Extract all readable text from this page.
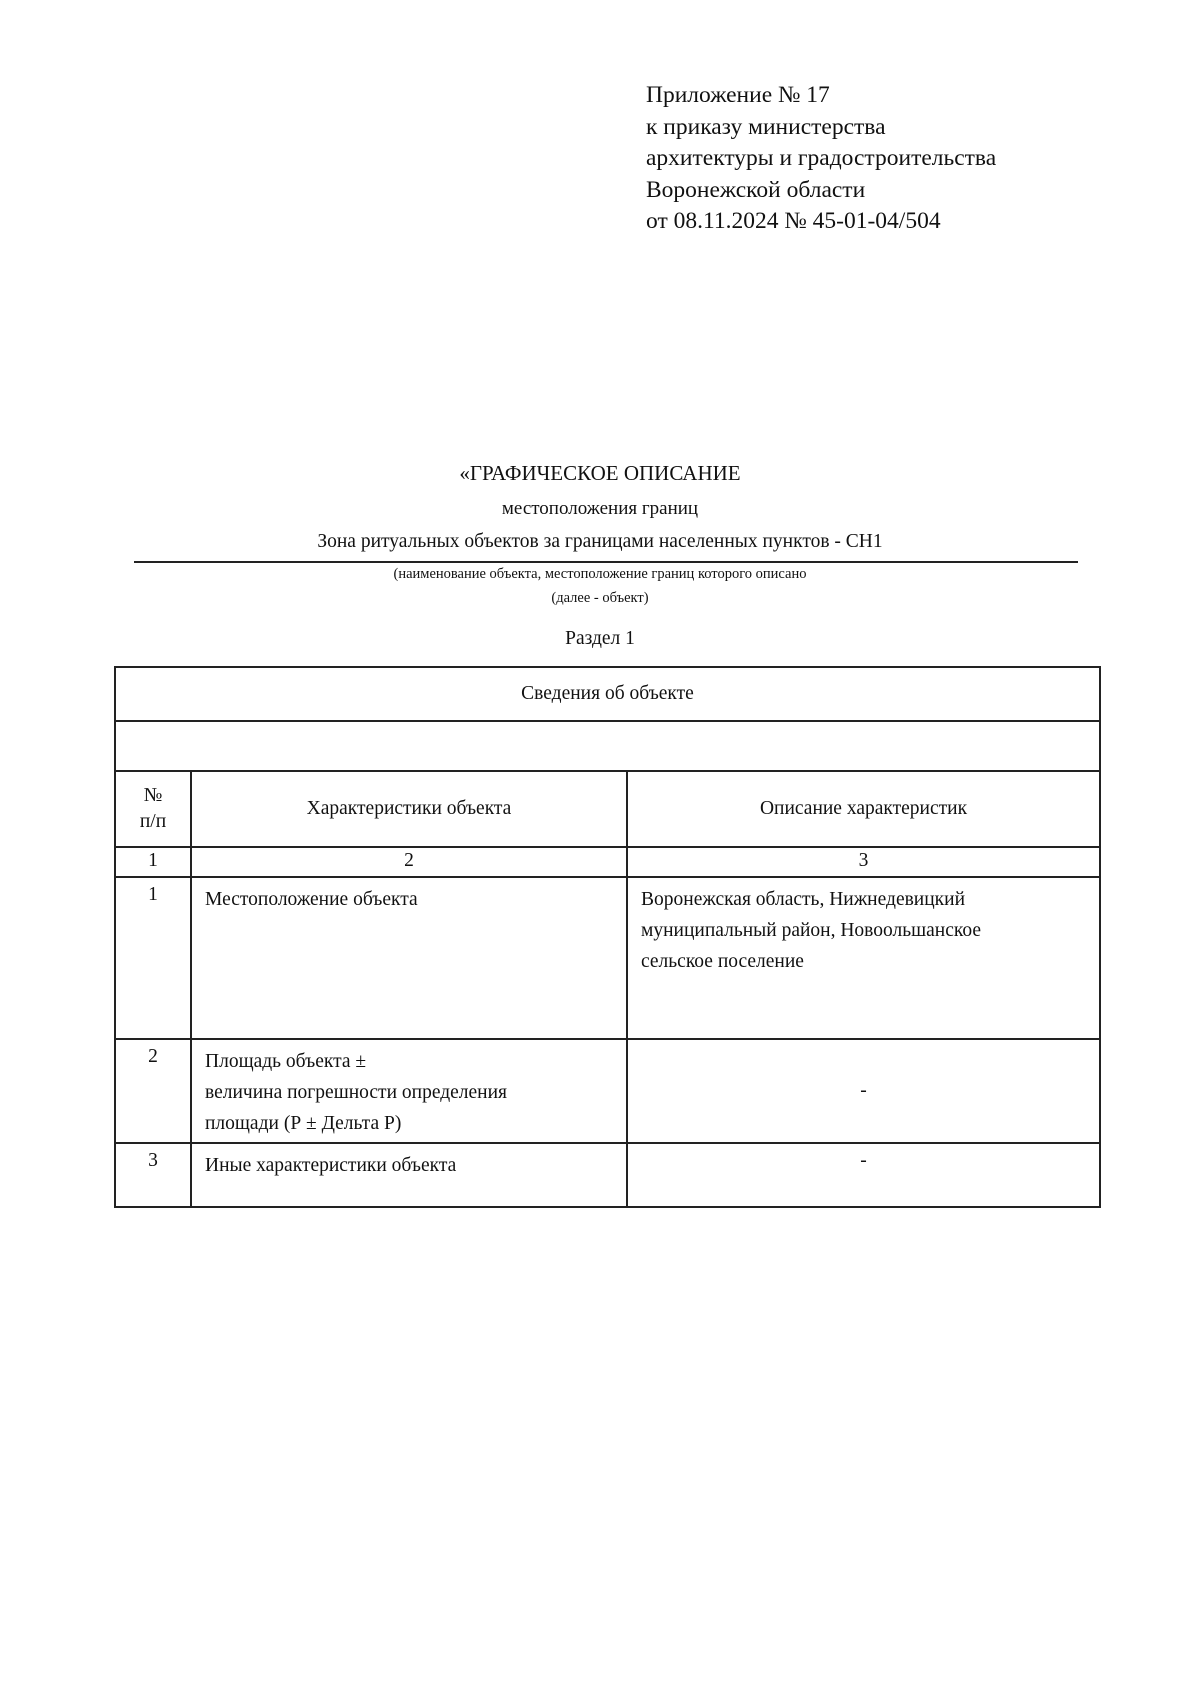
Приложение № 17
к приказу министерства
архитектуры и градостроительства
Воронежской области
от 08.11.2024 № 45-01-04/504
«ГРАФИЧЕСКОЕ ОПИСАНИЕ
местоположения границ
Зона ритуальных объектов за границами населенных пунктов - СН1
(наименование объекта, местоположение границ которого описано
(далее - объект)
Раздел 1
Сведения об объекте		

№
п/п	Характеристики объекта	Описание характеристик
1	2	3
1	Местоположение объекта	Воронежская область, Нижнедевицкий
муниципальный район, Новоольшанское
сельское поселение

2	Площадь объекта ±
величина погрешности определения
площади (Р ± Дельта Р)	-
3	Иные характеристики объекта	-
